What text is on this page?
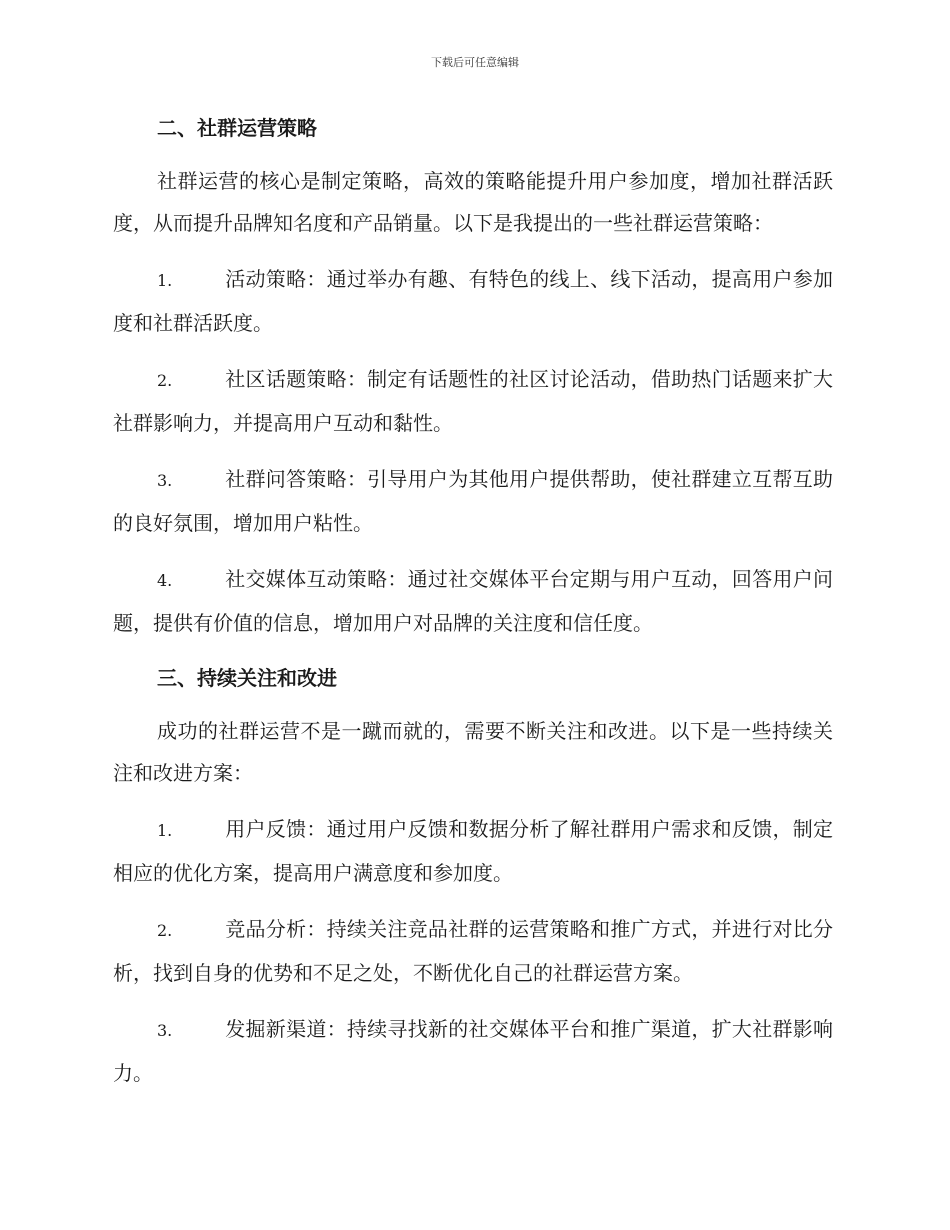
下载后可任意编辑
二、社群运营策略

社群运营的核心是制定策略，高效的策略能提升用户参加度，增加社群活跃度，从而提升品牌知名度和产品销量。以下是我提出的一些社群运营策略：

1.	活动策略：通过举办有趣、有特色的线上、线下活动，提高用户参加度和社群活跃度。

2.	社区话题策略：制定有话题性的社区讨论活动，借助热门话题来扩大社群影响力，并提高用户互动和黏性。

3.	社群问答策略：引导用户为其他用户提供帮助，使社群建立互帮互助的良好氛围，增加用户粘性。

4.	社交媒体互动策略：通过社交媒体平台定期与用户互动，回答用户问题，提供有价值的信息，增加用户对品牌的关注度和信任度。

三、持续关注和改进

成功的社群运营不是一蹴而就的，需要不断关注和改进。以下是一些持续关注和改进方案：

1.	用户反馈：通过用户反馈和数据分析了解社群用户需求和反馈，制定相应的优化方案，提高用户满意度和参加度。

2.	竞品分析：持续关注竞品社群的运营策略和推广方式，并进行对比分析，找到自身的优势和不足之处，不断优化自己的社群运营方案。

3.	发掘新渠道：持续寻找新的社交媒体平台和推广渠道，扩大社群影响力。
